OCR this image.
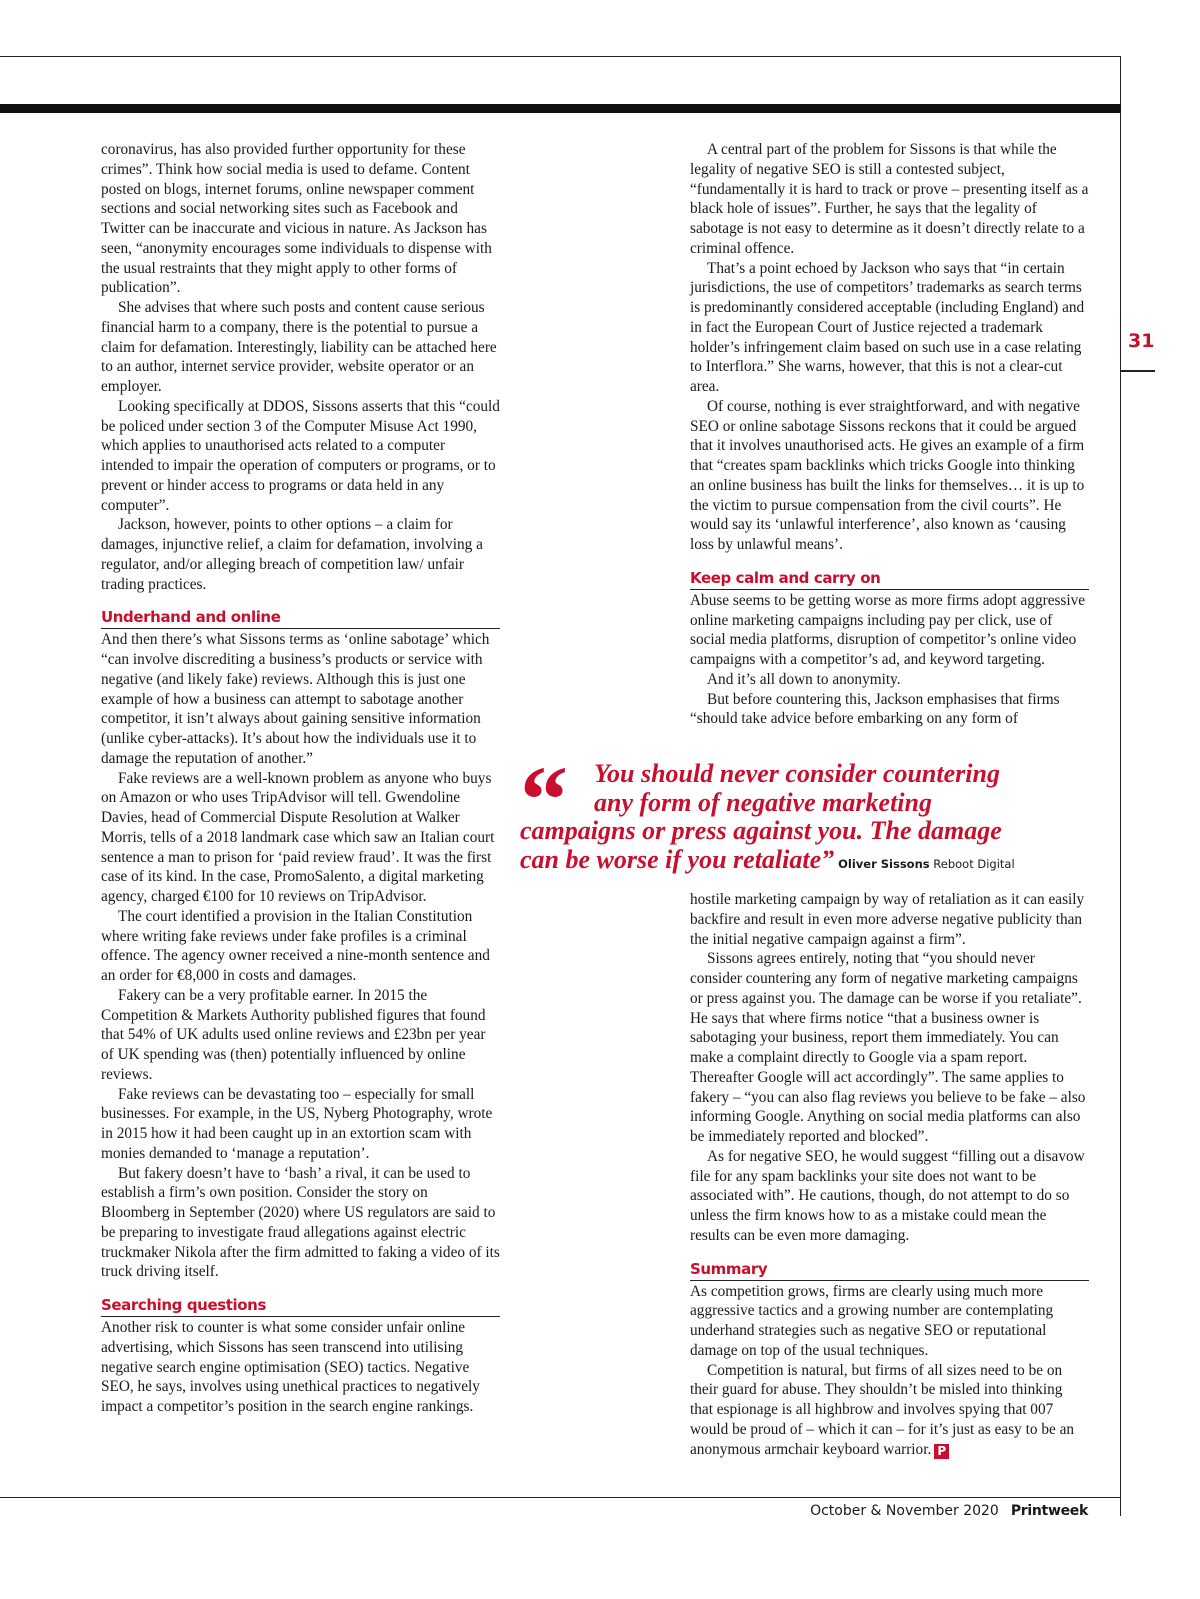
31

coronavirus, has also provided further opportunity for these crimes”. Think how social media is used to defame. Content posted on blogs, internet forums, online newspaper comment sections and social networking sites such as Facebook and Twitter can be inaccurate and vicious in nature. As Jackson has seen, “anonymity encourages some individuals to dispense with the usual restraints that they might apply to other forms of publication”.

She advises that where such posts and content cause serious financial harm to a company, there is the potential to pursue a claim for defamation. Interestingly, liability can be attached here to an author, internet service provider, website operator or an employer.

Looking specifically at DDOS, Sissons asserts that this “could be policed under section 3 of the Computer Misuse Act 1990, which applies to unauthorised acts related to a computer intended to impair the operation of computers or programs, or to prevent or hinder access to programs or data held in any computer”.

Jackson, however, points to other options – a claim for damages, injunctive relief, a claim for defamation, involving a regulator, and/or alleging breach of competition law/ unfair trading practices.

Underhand and online

And then there’s what Sissons terms as ‘online sabotage’ which “can involve discrediting a business’s products or service with negative (and likely fake) reviews. Although this is just one example of how a business can attempt to sabotage another competitor, it isn’t always about gaining sensitive information (unlike cyber-attacks). It’s about how the individuals use it to damage the reputation of another.”

Fake reviews are a well-known problem as anyone who buys on Amazon or who uses TripAdvisor will tell. Gwendoline Davies, head of Commercial Dispute Resolution at Walker Morris, tells of a 2018 landmark case which saw an Italian court sentence a man to prison for ‘paid review fraud’. It was the first case of its kind. In the case, PromoSalento, a digital marketing agency, charged €100 for 10 reviews on TripAdvisor.

The court identified a provision in the Italian Constitution where writing fake reviews under fake profiles is a criminal offence. The agency owner received a nine-month sentence and an order for €8,000 in costs and damages.

Fakery can be a very profitable earner. In 2015 the Competition & Markets Authority published figures that found that 54% of UK adults used online reviews and £23bn per year of UK spending was (then) potentially influenced by online reviews.

Fake reviews can be devastating too – especially for small businesses. For example, in the US, Nyberg Photography, wrote in 2015 how it had been caught up in an extortion scam with monies demanded to ‘manage a reputation’.

But fakery doesn’t have to ‘bash’ a rival, it can be used to establish a firm’s own position. Consider the story on Bloomberg in September (2020) where US regulators are said to be preparing to investigate fraud allegations against electric truckmaker Nikola after the firm admitted to faking a video of its truck driving itself.

Searching questions

Another risk to counter is what some consider unfair online advertising, which Sissons has seen transcend into utilising negative search engine optimisation (SEO) tactics. Negative SEO, he says, involves using unethical practices to negatively impact a competitor’s position in the search engine rankings.

A central part of the problem for Sissons is that while the legality of negative SEO is still a contested subject, “fundamentally it is hard to track or prove – presenting itself as a black hole of issues”. Further, he says that the legality of sabotage is not easy to determine as it doesn’t directly relate to a criminal offence.

That’s a point echoed by Jackson who says that “in certain jurisdictions, the use of competitors’ trademarks as search terms is predominantly considered acceptable (including England) and in fact the European Court of Justice rejected a trademark holder’s infringement claim based on such use in a case relating to Interflora.” She warns, however, that this is not a clear-cut area.

Of course, nothing is ever straightforward, and with negative SEO or online sabotage Sissons reckons that it could be argued that it involves unauthorised acts. He gives an example of a firm that “creates spam backlinks which tricks Google into thinking an online business has built the links for themselves… it is up to the victim to pursue compensation from the civil courts”. He would say its ‘unlawful interference’, also known as ‘causing loss by unlawful means’.

Keep calm and carry on

Abuse seems to be getting worse as more firms adopt aggressive online marketing campaigns including pay per click, use of social media platforms, disruption of competitor’s online video campaigns with a competitor’s ad, and keyword targeting.

And it’s all down to anonymity.

But before countering this, Jackson emphasises that firms “should take advice before embarking on any form of

“	You should never consider countering
any form of negative marketing
campaigns or press against you. The damage
can be worse if you retaliate” Oliver Sissons Reboot Digital

hostile marketing campaign by way of retaliation as it can easily backfire and result in even more adverse negative publicity than the initial negative campaign against a firm”.

Sissons agrees entirely, noting that “you should never consider countering any form of negative marketing campaigns or press against you. The damage can be worse if you retaliate”. He says that where firms notice “that a business owner is sabotaging your business, report them immediately. You can make a complaint directly to Google via a spam report. Thereafter Google will act accordingly”. The same applies to fakery – “you can also flag reviews you believe to be fake – also informing Google. Anything on social media platforms can also be immediately reported and blocked”.

As for negative SEO, he would suggest “filling out a disavow file for any spam backlinks your site does not want to be associated with”. He cautions, though, do not attempt to do so unless the firm knows how to as a mistake could mean the results can be even more damaging.

Summary

As competition grows, firms are clearly using much more aggressive tactics and a growing number are contemplating underhand strategies such as negative SEO or reputational damage on top of the usual techniques.

Competition is natural, but firms of all sizes need to be on their guard for abuse. They shouldn’t be misled into thinking that espionage is all highbrow and involves spying that 007 would be proud of – which it can – for it’s just as easy to be an anonymous armchair keyboard warrior. P

October & November 2020 Printweek
